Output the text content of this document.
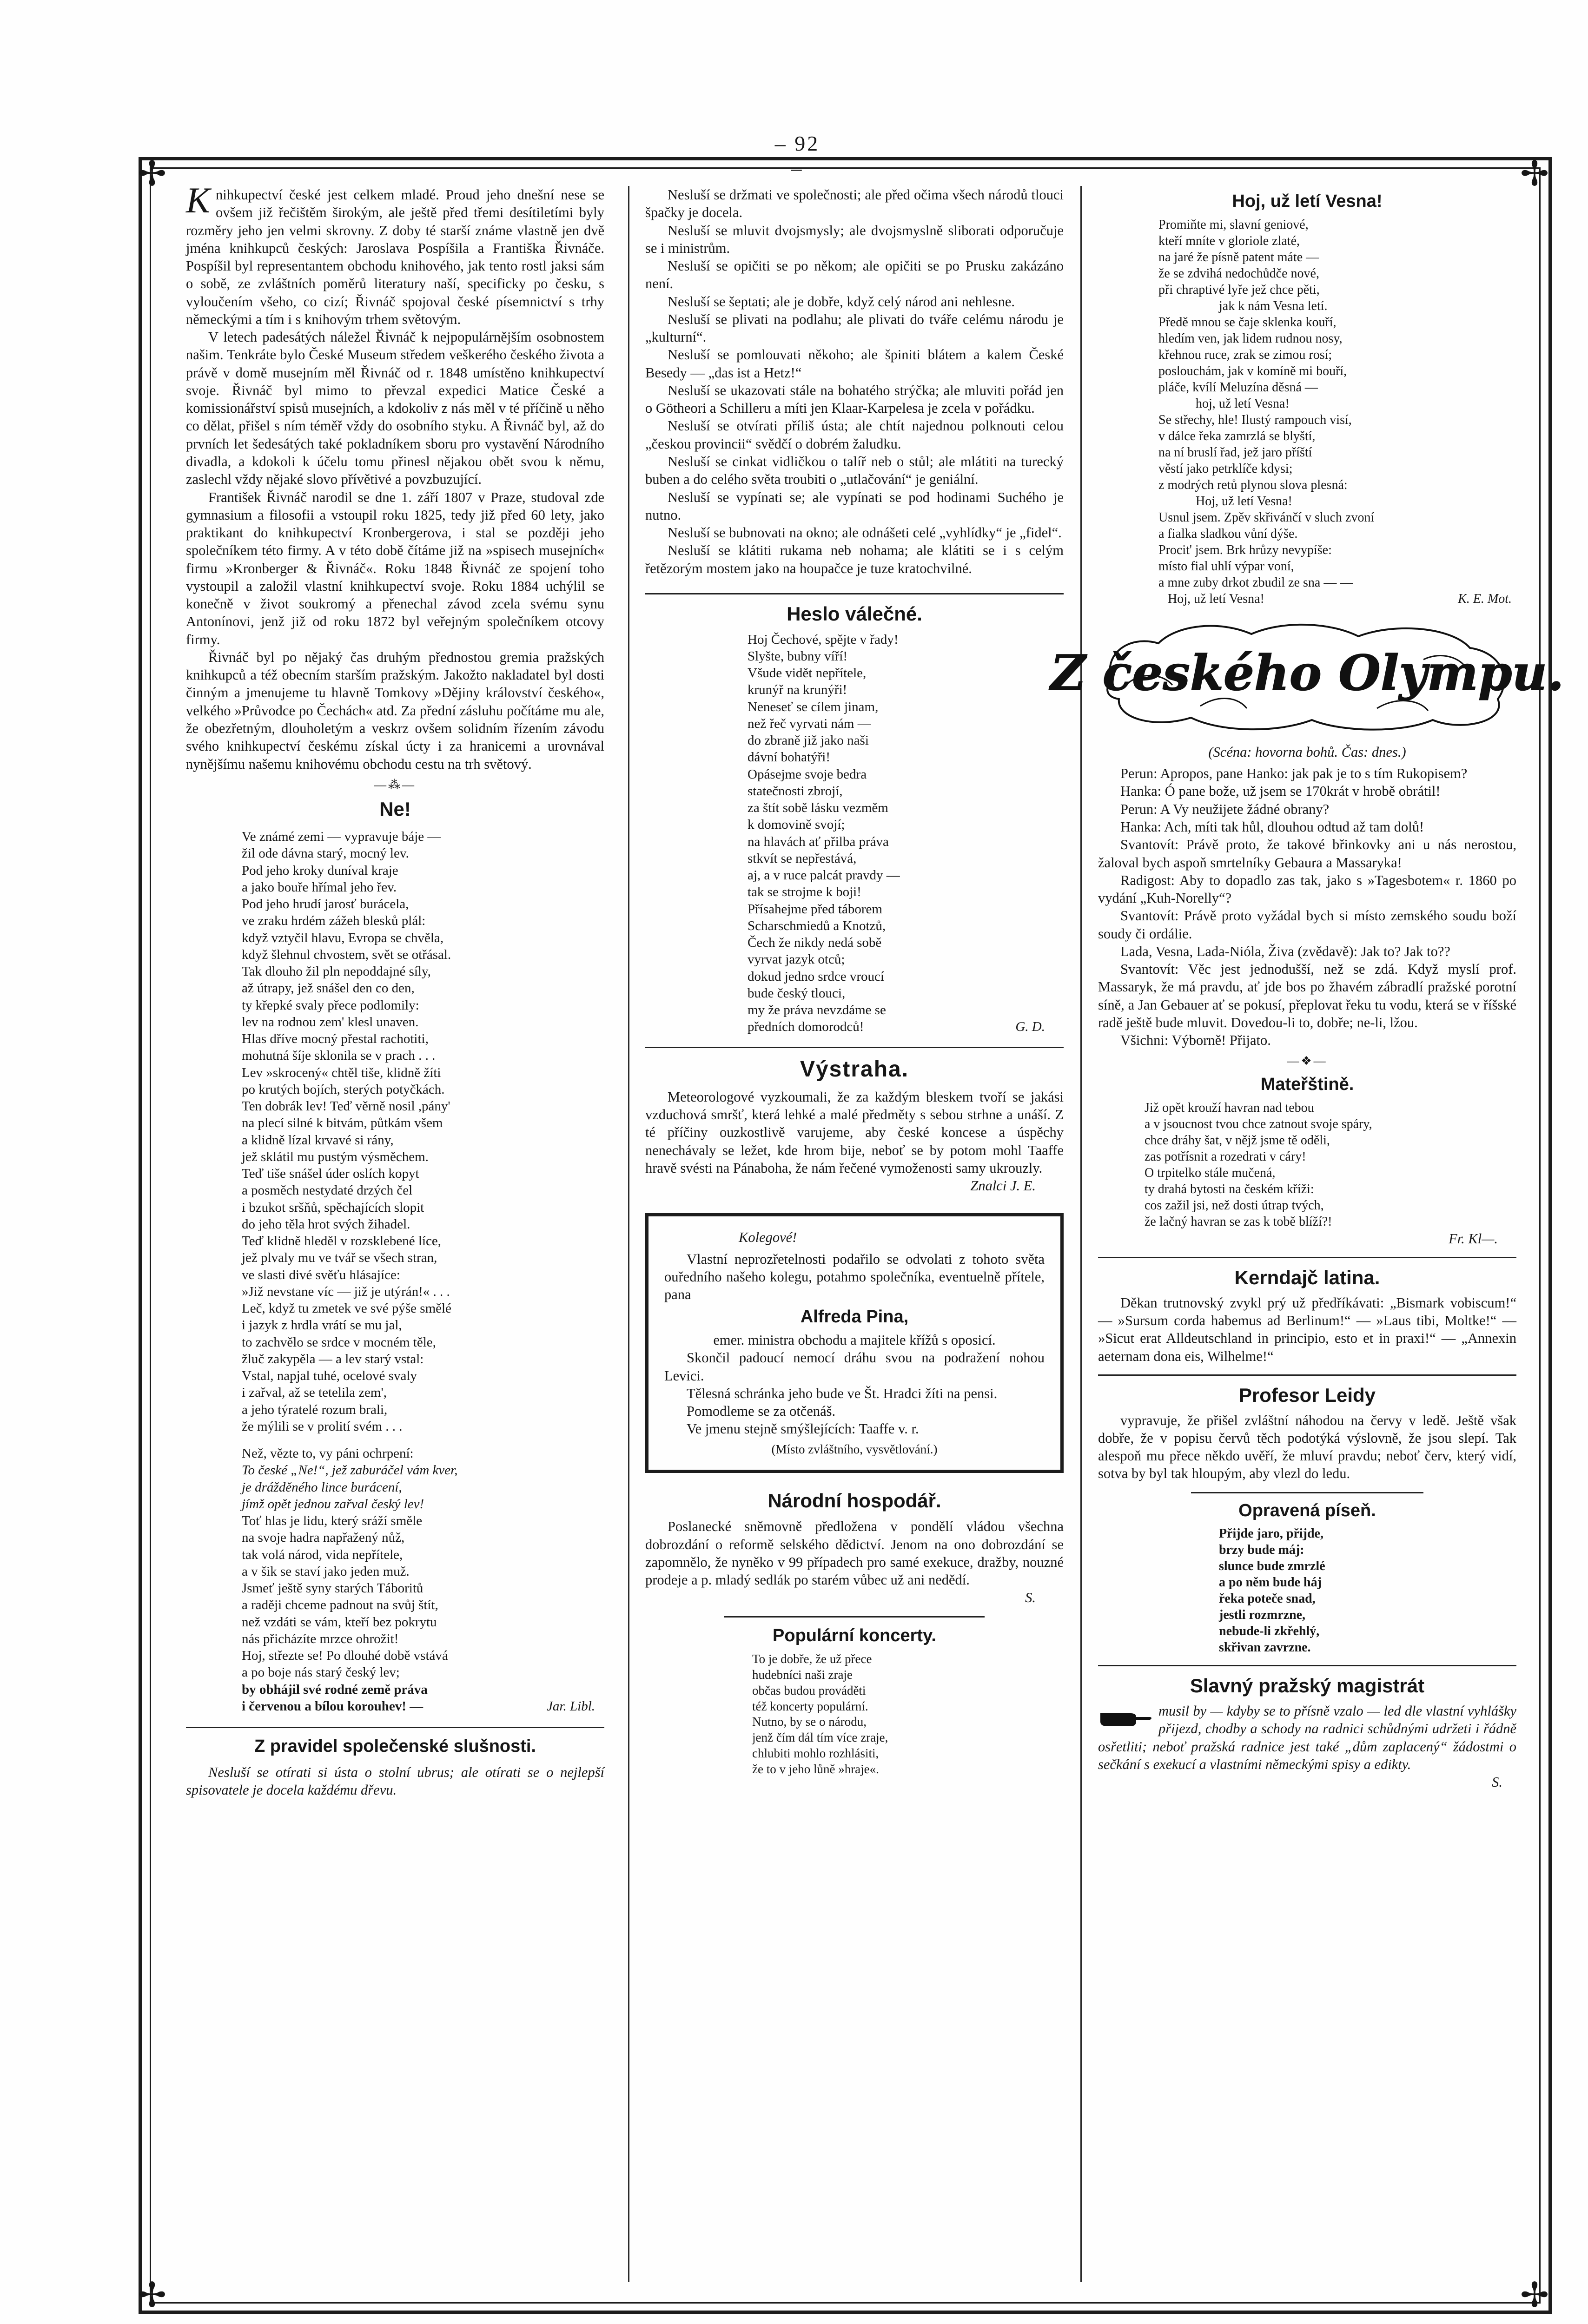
– 92 –
✢	✢
✢	✢

Knihkupectví české jest celkem mladé. Proud jeho dnešní nese se ovšem již řečištěm širokým, ale ještě před třemi desítiletími byly rozměry jeho jen velmi skrovny. Z doby té starší známe vlastně jen dvě jména knihkupců českých: Jaroslava Pospíšila a Františka Řivnáče. Pospíšil byl representantem obchodu knihového, jak tento rostl jaksi sám o sobě, ze zvláštních poměrů literatury naší, specificky po česku, s vyloučením všeho, co cizí; Řivnáč spojoval české písemnictví s trhy německými a tím i s knihovým trhem světovým.

V letech padesátých náležel Řivnáč k nejpopulárnějším osobnostem našim. Tenkráte bylo České Museum středem veškerého českého života a právě v domě musejním měl Řivnáč od r. 1848 umístěno knihkupectví svoje. Řivnáč byl mimo to převzal expedici Matice České a komissionářství spisů musejních, a kdokoliv z nás měl v té příčině u něho co dělat, přišel s ním téměř vždy do osobního styku. A Řivnáč byl, až do prvních let šedesátých také pokladníkem sboru pro vystavění Národního divadla, a kdokoli k účelu tomu přinesl nějakou obět svou k němu, zaslechl vždy nějaké slovo přívětivé a povzbuzující.

František Řivnáč narodil se dne 1. září 1807 v Praze, studoval zde gymnasium a filosofii a vstoupil roku 1825, tedy již před 60 lety, jako praktikant do knihkupectví Kronbergerova, i stal se později jeho společníkem této firmy. A v této době čítáme již na »spisech musejních« firmu »Kronberger & Řivnáč«. Roku 1848 Řivnáč ze spojení toho vystoupil a založil vlastní knihkupectví svoje. Roku 1884 uchýlil se konečně v život soukromý a přenechal závod zcela svému synu Antonínovi, jenž již od roku 1872 byl veřejným společníkem otcovy firmy.

Řivnáč byl po nějaký čas druhým přednostou gremia pražských knihkupců a též obecním starším pražským. Jakožto nakladatel byl dosti činným a jmenujeme tu hlavně Tomkovy »Dějiny království českého«, velkého »Průvodce po Čechách« atd. Za přední zásluhu počítáme mu ale, že obezřetným, dlouholetým a veskrz ovšem solidním řízením závodu svého knihkupectví českému získal úcty i za hranicemi a urovnával nynějšímu našemu knihovému obchodu cestu na trh světový.

—⁂—
Ne!
Ve známé zemi — vypravuje báje —
žil ode dávna starý, mocný lev.
Pod jeho kroky duníval kraje
a jako bouře hřímal jeho řev.
Pod jeho hrudí jarosť burácela,
ve zraku hrdém zážeh blesků plál:
když vztyčil hlavu, Evropa se chvěla,
když šlehnul chvostem, svět se otřásal.
Tak dlouho žil pln nepoddajné síly,
až útrapy, jež snášel den co den,
ty křepké svaly přece podlomily:
lev na rodnou zem' klesl unaven.
Hlas dříve mocný přestal rachotiti,
mohutná šíje sklonila se v prach . . .
Lev »skrocený« chtěl tiše, klidně žíti
po krutých bojích, sterých potyčkách.
Ten dobrák lev! Teď věrně nosil ,pány'
na plecí silné k bitvám, půtkám všem
a klidně lízal krvavé si rány,
jež sklátil mu pustým výsměchem.
Teď tiše snášel úder oslích kopyt
a posměch nestydaté drzých čel
i bzukot sršňů, spěchajících slopit
do jeho těla hrot svých žihadel.
Teď klidně hleděl v rozsklebené líce,
jež plvaly mu ve tvář se všech stran,
ve slasti divé svěťu hlásajíce:
»Již nevstane víc — již je utýrán!« . . .
Leč, když tu zmetek ve své pýše smělé
i jazyk z hrdla vrátí se mu jal,
to zachvělo se srdce v mocném těle,
žluč zakypěla — a lev starý vstal:
Vstal, napjal tuhé, ocelové svaly
i zařval, až se tetelila zem',
a jeho týratelé rozum brali,
že mýlili se v prolití svém . . .
Než, vězte to, vy páni ochrpení:
To české „Ne!“, jež zaburáčel vám kver,
je drážděného lince burácení,
jímž opět jednou zařval český lev!
Toť hlas je lidu, který sráží směle
na svoje hadra napřažený nůž,
tak volá národ, vida nepřítele,
a v šik se staví jako jeden muž.
Jsmeť ještě syny starých Táboritů
a raději chceme padnout na svůj štít,
než vzdáti se vám, kteří bez pokrytu
nás přicházíte mrzce ohrožit!
Hoj, střezte se! Po dlouhé době vstává
a po boje nás starý český lev;
by obhájil své rodné země práva
i červenou a bílou korouhev! —	Jar. Libl.
Z pravidel společenské slušnosti.

Nesluší se otírati si ústa o stolní ubrus; ale otírati se o nejlepší spisovatele je docela každému dřevu.

Nesluší se držmati ve společnosti; ale před očima všech národů tlouci špačky je docela.

Nesluší se mluvit dvojsmysly; ale dvojsmyslně sliborati odporučuje se i ministrům.

Nesluší se opičiti se po někom; ale opičiti se po Prusku zakázáno není.

Nesluší se šeptati; ale je dobře, když celý národ ani nehlesne.

Nesluší se plivati na podlahu; ale plivati do tváře celému národu je „kulturní“.

Nesluší se pomlouvati někoho; ale špiniti blátem a kalem České Besedy — „das ist a Hetz!“

Nesluší se ukazovati stále na bohatého strýčka; ale mluviti pořád jen o Götheori a Schilleru a míti jen Klaar-Karpelesa je zcela v pořádku.

Nesluší se otvírati příliš ústa; ale chtít najednou polknouti celou „českou provincii“ svědčí o dobrém žaludku.

Nesluší se cinkat vidličkou o talíř neb o stůl; ale mlátiti na turecký buben a do celého světa troubiti o „utlačování“ je geniální.

Nesluší se vypínati se; ale vypínati se pod hodinami Suchého je nutno.

Nesluší se bubnovati na okno; ale odnášeti celé „vyhlídky“ je „fidel“.

Nesluší se klátiti rukama neb nohama; ale klátiti se i s celým řetězorým mostem jako na houpačce je tuze kratochvilné.

Heslo válečné.
Hoj Čechové, spějte v řady!
Slyšte, bubny víří!
Všude vidět nepřítele,
krunýř na krunýři!
Neneseť se cílem jinam,
než řeč vyrvati nám —
do zbraně již jako naši
dávní bohatýři!
Opásejme svoje bedra
statečnosti zbrojí,
za štít sobě lásku vezměm
k domovině svojí;
na hlavách ať přilba práva
stkvít se nepřestává,
aj, a v ruce palcát pravdy —
tak se strojme k boji!
Přísahejme před táborem
Scharschmiedů a Knotzů,
Čech že nikdy nedá sobě
vyrvat jazyk otců;
dokud jedno srdce vroucí
bude český tlouci,
my že práva nevzdáme se
předních domorodců!	G. D.
Výstraha.

Meteorologové vyzkoumali, že za každým bleskem tvoří se jakási vzduchová smršť, která lehké a malé předměty s sebou strhne a unáší. Z té příčiny ouzkostlivě varujeme, aby české koncese a úspěchy nenechávaly se ležet, kde hrom bije, neboť se by potom mohl Taaffe hravě svésti na Pánaboha, že nám řečené vymoženosti samy ukrouzly.

Znalci J. E.
Kolegové!

Vlastní neprozřetelnosti podařilo se odvolati z tohoto světa ouředního našeho kolegu, potahmo společníka, eventuelně přítele, pana

Alfreda Pina,
emer. ministra obchodu a majitele křížů s oposicí.

Skončil padoucí nemocí dráhu svou na podražení nohou Levici.

Tělesná schránka jeho bude ve Št. Hradci žíti na pensi.

Pomodleme se za otčenáš.

Ve jmenu stejně smýšlejících: Taaffe v. r.

(Místo zvláštního, vysvětlování.)
Národní hospodář.

Poslanecké sněmovně předložena v pondělí vládou všechna dobrozdání o reformě selského dědictví. Jenom na ono dobrozdání se zapomnělo, že nyněko v 99 případech pro samé exekuce, dražby, nouzné prodeje a p. mladý sedlák po starém vůbec už ani nedědí.

S.
Populární koncerty.
To je dobře, že už přece
hudebníci naši zraje
občas budou prováděti
též koncerty populární.
Nutno, by se o národu,
jenž čím dál tím více zraje,
chlubiti mohlo rozhlásiti,
že to v jeho lůně »hraje«.
Hoj, už letí Vesna!
Promiňte mi, slavní geniové,
kteří mníte v gloriole zlaté,
na jaré že písně patent máte —
že se zdvihá nedochůdče nové,
při chraptivé lyře jež chce pěti,
jak k nám Vesna letí.
Předě mnou se čaje sklenka kouří,
hledím ven, jak lidem rudnou nosy,
křehnou ruce, zrak se zimou rosí;
poslouchám, jak v komíně mi bouří,
pláče, kvílí Meluzína děsná —
hoj, už letí Vesna!
Se střechy, hle! Ilustý rampouch visí,
v dálce řeka zamrzlá se blyští,
na ní bruslí řad, jež jaro příští
věstí jako petrklíče kdysi;
z modrých retů plynou slova plesná:
Hoj, už letí Vesna!
Usnul jsem. Zpěv skřivánčí v sluch zvoní
a fialka sladkou vůní dýše.
Procit' jsem. Brk hrůzy nevypíše:
místo fial uhlí výpar voní,
a mne zuby drkot zbudil ze sna — —
Hoj, už letí Vesna!	K. E. Mot.
Z českého Olympu.
(Scéna: hovorna bohů. Čas: dnes.)

Perun: Apropos, pane Hanko: jak pak je to s tím Rukopisem?

Hanka: Ó pane bože, už jsem se 170krát v hrobě obrátil!

Perun: A Vy neužijete žádné obrany?

Hanka: Ach, míti tak hůl, dlouhou odtud až tam dolů!

Svantovít: Právě proto, že takové břinkovky ani u nás nerostou, žaloval bych aspoň smrtelníky Gebaura a Massaryka!

Radigost: Aby to dopadlo zas tak, jako s »Tagesbotem« r. 1860 po vydání „Kuh-Norelly“?

Svantovít: Právě proto vyžádal bych si místo zemského soudu boží soudy či ordálie.

Lada, Vesna, Lada-Nióla, Živa (zvědavě): Jak to? Jak to??

Svantovít: Věc jest jednodušší, než se zdá. Když myslí prof. Massaryk, že má pravdu, ať jde bos po žhavém zábradlí pražské porotní síně, a Jan Gebauer ať se pokusí, přeplovat řeku tu vodu, která se v říšské radě ještě bude mluvit. Dovedou-li to, dobře; ne-li, lžou.

Všichni: Výborně! Přijato.

—❖—
Mateřštině.
Již opět krouží havran nad tebou
a v jsoucnost tvou chce zatnout svoje spáry,
chce dráhy šat, v nějž jsme tě oděli,
zas potřísnit a rozedrati v cáry!
O trpitelko stále mučená,
ty drahá bytosti na českém kříži:
cos zažil jsi, než dosti útrap tvých,
že lačný havran se zas k tobě blíží?!
Fr. Kl—.
Kerndajč latina.

Děkan trutnovský zvykl prý už předříkávati: „Bismark vobiscum!“ — »Sursum corda habemus ad Berlinum!“ — »Laus tibi, Moltke!“ — »Sicut erat Alldeutschland in principio, esto et in praxi!“ — „Annexin aeternam dona eis, Wilhelme!“

Profesor Leidy

vypravuje, že přišel zvláštní náhodou na červy v ledě. Ještě však dobře, že v popisu červů těch podotýká výslovně, že jsou slepí. Tak alespoň mu přece někdo uvěří, že mluví pravdu; neboť červ, který vidí, sotva by byl tak hloupým, aby vlezl do ledu.

Opravená píseň.
Přijde jaro, přijde,
brzy bude máj:
slunce bude zmrzlé
a po něm bude háj
řeka poteče snad,
jestli rozmrzne,
nebude-li zkřehlý,
skřivan zavrzne.
Slavný pražský magistrát

musil by — kdyby se to přísně vzalo — led dle vlastní vyhlášky přijezd, chodby a schody na radnici schůdnými udržeti i řádně osřetliti; neboť pražská radnice jest také „dům zaplacený“ žádostmi o sečkání s exekucí a vlastními německými spisy a edikty.

S.
